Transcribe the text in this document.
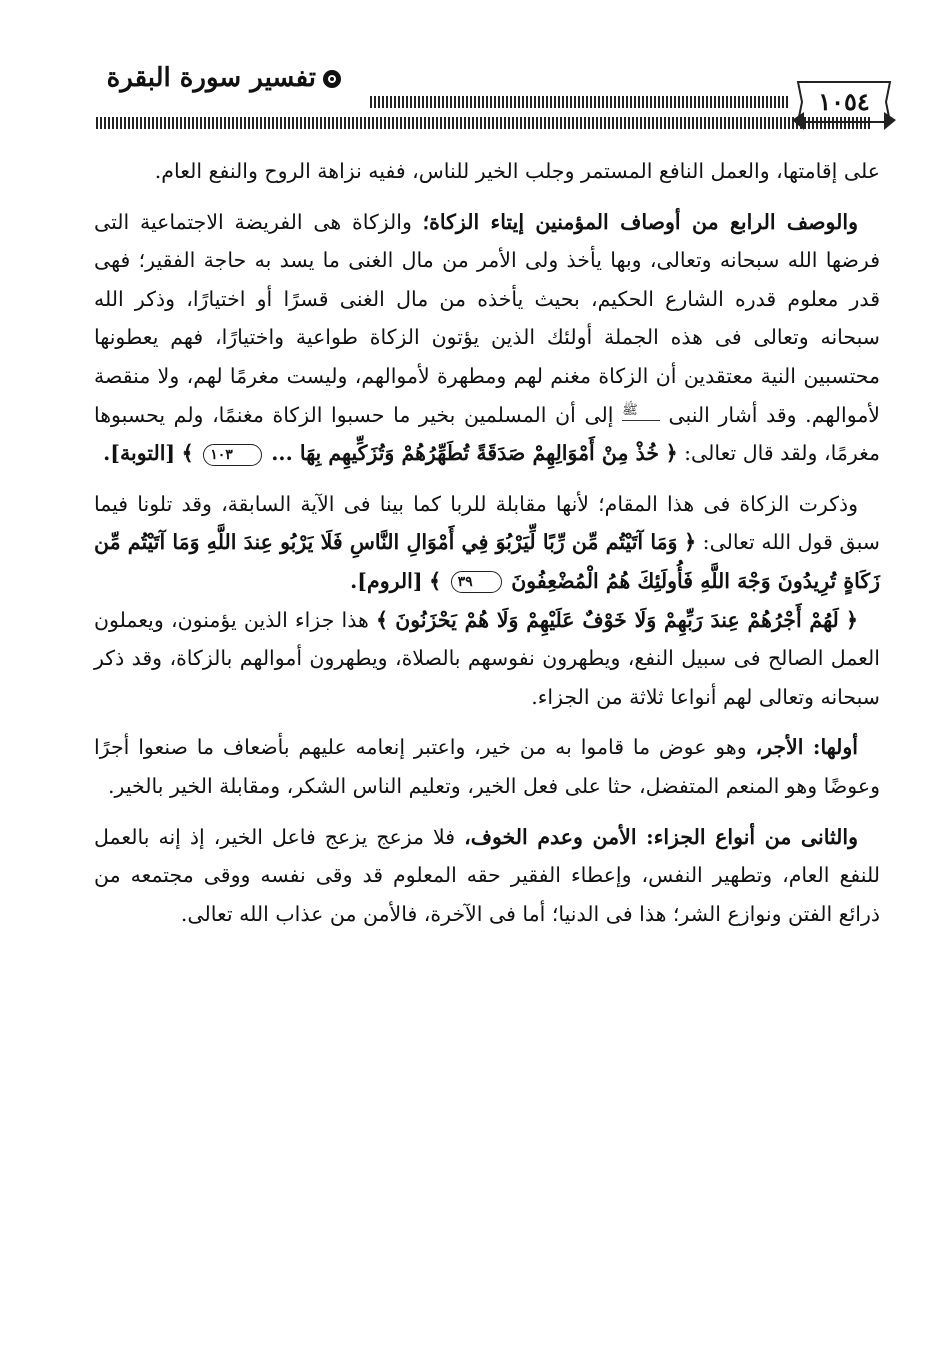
١٠٥٤
تفسير سورة البقرة

على إقامتها، والعمل النافع المستمر وجلب الخير للناس، ففيه نزاهة الروح والنفع العام.

والوصف الرابع من أوصاف المؤمنين إيتاء الزكاة؛ والزكاة هى الفريضة الاجتماعية التى فرضها الله سبحانه وتعالى، وبها يأخذ ولى الأمر من مال الغنى ما يسد به حاجة الفقير؛ فهى قدر معلوم قدره الشارع الحكيم، بحيث يأخذه من مال الغنى قسرًا أو اختيارًا، وذكر الله سبحانه وتعالى فى هذه الجملة أولئك الذين يؤتون الزكاة طواعية واختيارًا، فهم يعطونها محتسبين النية معتقدين أن الزكاة مغنم لهم ومطهرة لأموالهم، وليست مغرمًا لهم، ولا منقصة لأموالهم. وقد أشار النبى ﷺ إلى أن المسلمين بخير ما حسبوا الزكاة مغنمًا، ولم يحسبوها مغرمًا، ولقد قال تعالى: ﴿ خُذْ مِنْ أَمْوَالِهِمْ صَدَقَةً تُطَهِّرُهُمْ وَتُزَكِّيهِم بِهَا ... ١٠٣ ﴾ [التوبة].

وذكرت الزكاة فى هذا المقام؛ لأنها مقابلة للربا كما بينا فى الآية السابقة، وقد تلونا فيما سبق قول الله تعالى: ﴿ وَمَا آتَيْتُم مِّن رِّبًا لِّيَرْبُوَ فِي أَمْوَالِ النَّاسِ فَلَا يَرْبُو عِندَ اللَّهِ وَمَا آتَيْتُم مِّن زَكَاةٍ تُرِيدُونَ وَجْهَ اللَّهِ فَأُولَئِكَ هُمُ الْمُضْعِفُونَ ٣٩ ﴾ [الروم].

﴿ لَهُمْ أَجْرُهُمْ عِندَ رَبِّهِمْ وَلَا خَوْفٌ عَلَيْهِمْ وَلَا هُمْ يَحْزَنُونَ ﴾ هذا جزاء الذين يؤمنون، ويعملون العمل الصالح فى سبيل النفع، ويطهرون نفوسهم بالصلاة، ويطهرون أموالهم بالزكاة، وقد ذكر سبحانه وتعالى لهم أنواعا ثلاثة من الجزاء.

أولها: الأجر، وهو عوض ما قاموا به من خير، واعتبر إنعامه عليهم بأضعاف ما صنعوا أجرًا وعوضًا وهو المنعم المتفضل، حثا على فعل الخير، وتعليم الناس الشكر، ومقابلة الخير بالخير.

والثانى من أنواع الجزاء: الأمن وعدم الخوف، فلا مزعج يزعج فاعل الخير، إذ إنه بالعمل للنفع العام، وتطهير النفس، وإعطاء الفقير حقه المعلوم قد وقى نفسه ووقى مجتمعه من ذرائع الفتن ونوازع الشر؛ هذا فى الدنيا؛ أما فى الآخرة، فالأمن من عذاب الله تعالى.
